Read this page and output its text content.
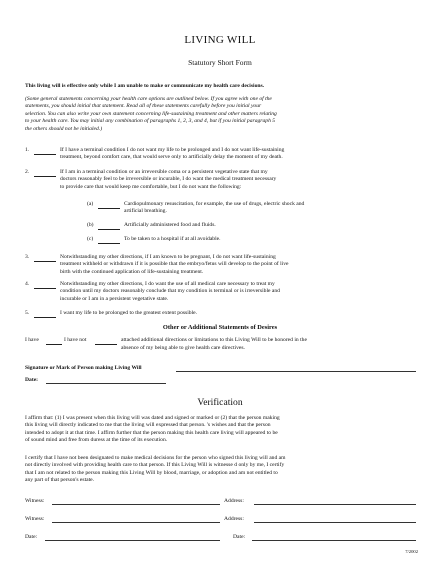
LIVING WILL
Statutory Short Form
This living will is effective only while I am unable to make or communicate my health care decisions.
(Some general statements concerning your health care options are outlined below. If you agree with one of the
statements, you should initial that statement. Read all of these statements carefully before you initial your
selection. You can also write your own statement concerning life-sustaining treatment and other matters relating
to your health care. You may initial any combination of paragraphs 1, 2, 3, and 4, but if you initial paragraph 5
the others should not be initialed.)
1.	If I have a terminal condition I do not want my life to be prolonged and I do not want life-sustaining
treatment, beyond comfort care, that would serve only to artificially delay the moment of my death.
2.	If I am in a terminal condition or an irreversible coma or a persistent vegetative state that my
doctors reasonably feel to be irreversible or incurable, I do want the medical treatment necessary
to provide care that would keep me comfortable, but I do not want the following:
(a)	Cardiopulmonary resuscitation, for example, the use of drugs, electric shock and
artificial breathing.
(b)	Artificially administered food and fluids.
(c)	To be taken to a hospital if at all avoidable.
3.	Notwithstanding my other directions, if I am known to be pregnant, I do not want life-sustaining
treatment withheld or withdrawn if it is possible that the embryo/fetus will develop to the point of live
birth with the continued application of life-sustaining treatment.
4.	Notwithstanding my other directions, I do want the use of all medical care necessary to treat my
condition until my doctors reasonably conclude that my condition is terminal or is irreversible and
incurable or I am in a persistent vegetative state.
5.	I want my life to be prolonged to the greatest extent possible.
Other or Additional Statements of Desires
I have	I have not	attached additional directions or limitations to this Living Will to be honored in the
absence of my being able to give health care directives.
Signature or Mark of Person making Living Will
Date:
Verification
I affirm that: (1) I was present when this living will was dated and signed or marked or (2) that the person making
this living will directly indicated to me that the living will expressed that person. 's wishes and that the person
intended to adopt it at that time. I affirm further that the person making this health care living will appeared to be
of sound mind and free from duress at the time of its execution.
I certify that I have not been designated to make medical decisions for the person who signed this living will and am
not directly involved with providing health care to that person. If this Living Will is witnesse d only by me, I certify
that I am not related to the person making this Living Will by blood, marriage, or adoption and am not entitled to
any part of that person's estate.
Witness:	Address:
Witness:	Address:
Date:	Date:
7/2002
